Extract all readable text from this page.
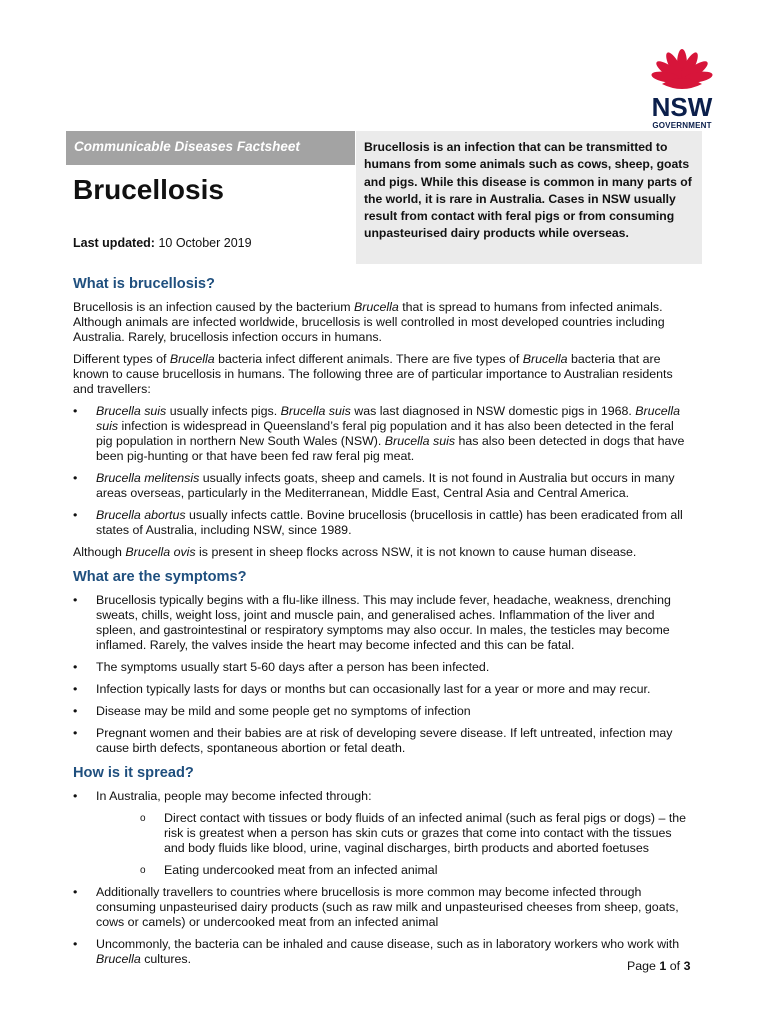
NSW
GOVERNMENT
Communicable Diseases Factsheet	Brucellosis is an infection that can be transmitted to humans from some animals such as cows, sheep, goats and pigs. While this disease is common in many parts of the world, it is rare in Australia. Cases in NSW usually result from contact with feral pigs or from consuming unpasteurised dairy products while overseas.
Brucellosis
Last updated: 10 October 2019
What is brucellosis?

Brucellosis is an infection caused by the bacterium Brucella that is spread to humans from infected animals. Although animals are infected worldwide, brucellosis is well controlled in most developed countries including Australia. Rarely, brucellosis infection occurs in humans.

Different types of Brucella bacteria infect different animals. There are five types of Brucella bacteria that are known to cause brucellosis in humans. The following three are of particular importance to Australian residents and travellers:

• Brucella suis usually infects pigs. Brucella suis was last diagnosed in NSW domestic pigs in 1968. Brucella suis infection is widespread in Queensland’s feral pig population and it has also been detected in the feral pig population in northern New South Wales (NSW). Brucella suis has also been detected in dogs that have been pig-hunting or that have been fed raw feral pig meat.
• Brucella melitensis usually infects goats, sheep and camels. It is not found in Australia but occurs in many areas overseas, particularly in the Mediterranean, Middle East, Central Asia and Central America.
• Brucella abortus usually infects cattle. Bovine brucellosis (brucellosis in cattle) has been eradicated from all states of Australia, including NSW, since 1989.

Although Brucella ovis is present in sheep flocks across NSW, it is not known to cause human disease.

What are the symptoms?
• Brucellosis typically begins with a flu-like illness. This may include fever, headache, weakness, drenching sweats, chills, weight loss, joint and muscle pain, and generalised aches. Inflammation of the liver and spleen, and gastrointestinal or respiratory symptoms may also occur. In males, the testicles may become inflamed. Rarely, the valves inside the heart may become infected and this can be fatal.
• The symptoms usually start 5-60 days after a person has been infected.
• Infection typically lasts for days or months but can occasionally last for a year or more and may recur.
• Disease may be mild and some people get no symptoms of infection
• Pregnant women and their babies are at risk of developing severe disease. If left untreated, infection may cause birth defects, spontaneous abortion or fetal death.
How is it spread?
• In Australia, people may become infected through:
o Direct contact with tissues or body fluids of an infected animal (such as feral pigs or dogs) – the risk is greatest when a person has skin cuts or grazes that come into contact with the tissues and body fluids like blood, urine, vaginal discharges, birth products and aborted foetuses
o Eating undercooked meat from an infected animal
• Additionally travellers to countries where brucellosis is more common may become infected through consuming unpasteurised dairy products (such as raw milk and unpasteurised cheeses from sheep, goats, cows or camels) or undercooked meat from an infected animal
• Uncommonly, the bacteria can be inhaled and cause disease, such as in laboratory workers who work with Brucella cultures.	Page 1 of 3
